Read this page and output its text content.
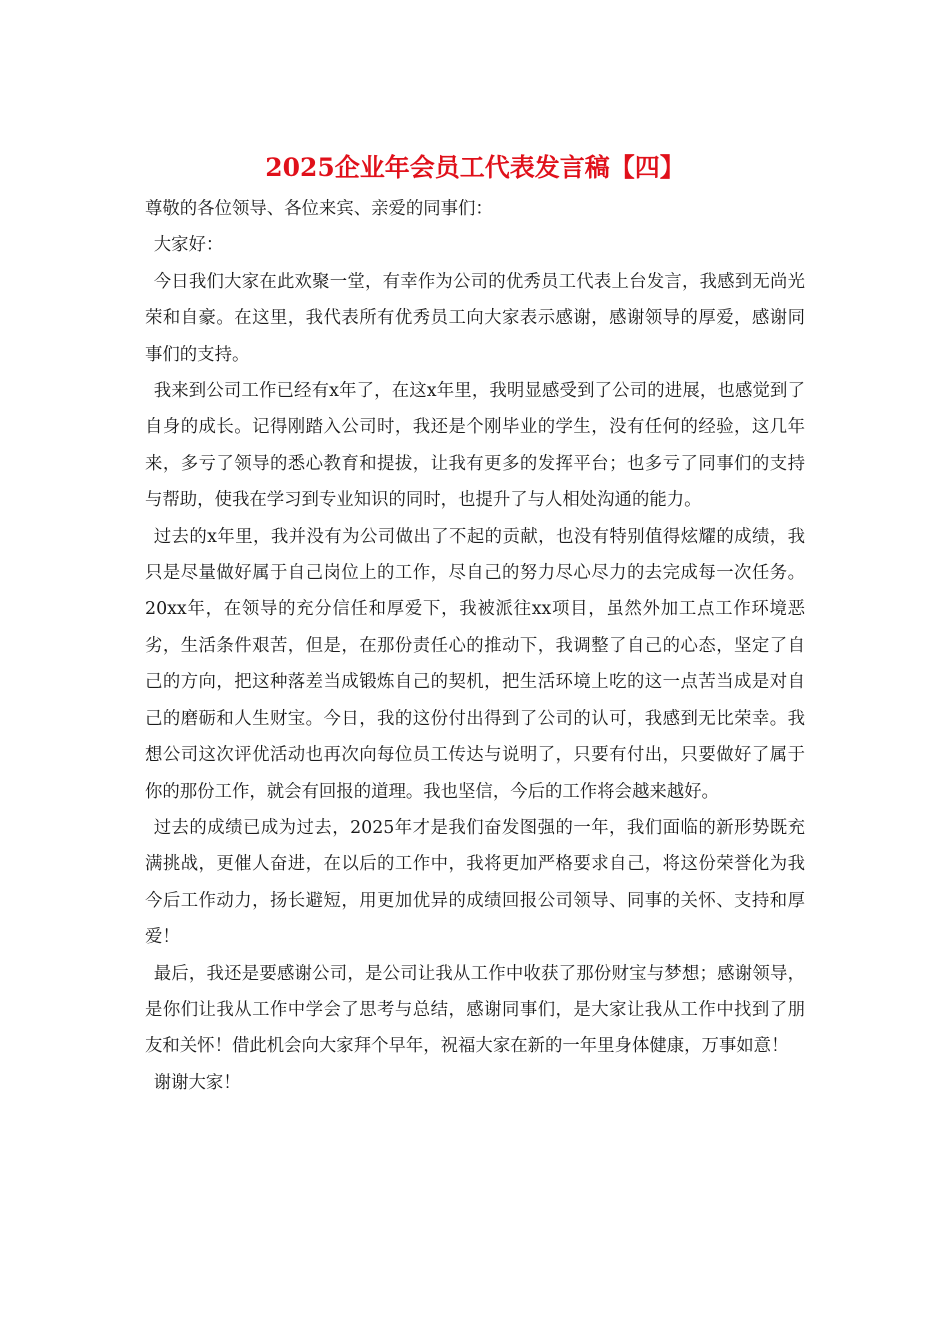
2025企业年会员工代表发言稿【四】

尊敬的各位领导、各位来宾、亲爱的同事们：

大家好：

今日我们大家在此欢聚一堂，有幸作为公司的优秀员工代表上台发言，我感到无尚光荣和自豪。在这里，我代表所有优秀员工向大家表示感谢，感谢领导的厚爱，感谢同事们的支持。

我来到公司工作已经有x年了，在这x年里，我明显感受到了公司的进展，也感觉到了自身的成长。记得刚踏入公司时，我还是个刚毕业的学生，没有任何的经验，这几年来，多亏了领导的悉心教育和提拔，让我有更多的发挥平台；也多亏了同事们的支持与帮助，使我在学习到专业知识的同时，也提升了与人相处沟通的能力。

过去的x年里，我并没有为公司做出了不起的贡献，也没有特别值得炫耀的成绩，我只是尽量做好属于自己岗位上的工作，尽自己的努力尽心尽力的去完成每一次任务。20xx年，在领导的充分信任和厚爱下，我被派往xx项目，虽然外加工点工作环境恶劣，生活条件艰苦，但是，在那份责任心的推动下，我调整了自己的心态，坚定了自己的方向，把这种落差当成锻炼自己的契机，把生活环境上吃的这一点苦当成是对自己的磨砺和人生财宝。今日，我的这份付出得到了公司的认可，我感到无比荣幸。我想公司这次评优活动也再次向每位员工传达与说明了，只要有付出，只要做好了属于你的那份工作，就会有回报的道理。我也坚信，今后的工作将会越来越好。

过去的成绩已成为过去，2025年才是我们奋发图强的一年，我们面临的新形势既充满挑战，更催人奋进，在以后的工作中，我将更加严格要求自己，将这份荣誉化为我今后工作动力，扬长避短，用更加优异的成绩回报公司领导、同事的关怀、支持和厚爱！

最后，我还是要感谢公司，是公司让我从工作中收获了那份财宝与梦想；感谢领导，是你们让我从工作中学会了思考与总结，感谢同事们，是大家让我从工作中找到了朋友和关怀！借此机会向大家拜个早年，祝福大家在新的一年里身体健康，万事如意！

谢谢大家！
